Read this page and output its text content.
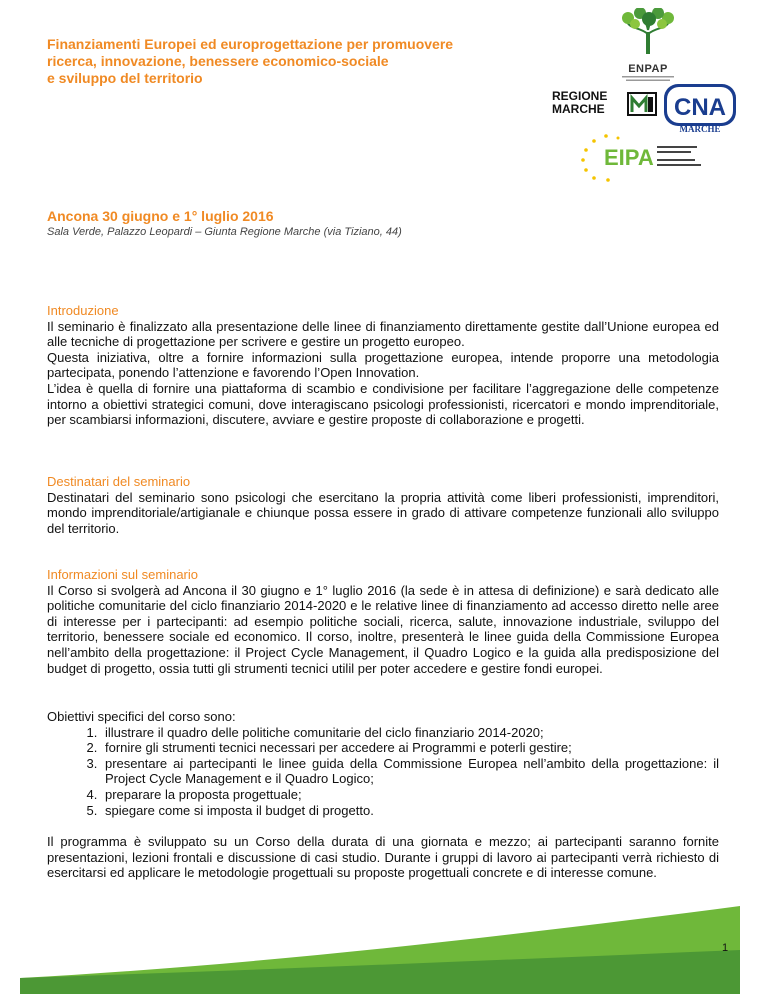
Finanziamenti Europei ed europrogettazione per promuovere
ricerca, innovazione, benessere economico-sociale
e sviluppo del territorio
ENPAP
REGIONE
MARCHE	CNA
MARCHE
EIPA
Ancona 30 giugno e 1° luglio 2016
Sala Verde, Palazzo Leopardi – Giunta Regione Marche (via Tiziano, 44)
Introduzione
Il seminario è finalizzato alla presentazione delle linee di finanziamento direttamente gestite dall’Unione europea ed alle tecniche di progettazione per scrivere e gestire un progetto europeo.
Questa iniziativa, oltre a fornire informazioni sulla progettazione europea, intende proporre una metodologia partecipata, ponendo l’attenzione e favorendo l’Open Innovation.
L’idea è quella di fornire una piattaforma di scambio e condivisione per facilitare l’aggregazione delle competenze intorno a obiettivi strategici comuni, dove interagiscano psicologi professionisti, ricercatori e mondo imprenditoriale, per scambiarsi informazioni, discutere, avviare e gestire proposte di collaborazione e progetti.
Destinatari del seminario
Destinatari del seminario sono psicologi che esercitano la propria attività come liberi professionisti, imprenditori, mondo imprenditoriale/artigianale e chiunque possa essere in grado di attivare competenze funzionali allo sviluppo del territorio.
Informazioni sul seminario
Il Corso si svolgerà ad Ancona il 30 giugno e 1° luglio 2016 (la sede è in attesa di definizione) e sarà dedicato alle politiche comunitarie del ciclo finanziario 2014-2020 e le relative linee di finanziamento ad accesso diretto nelle aree di interesse per i partecipanti: ad esempio politiche sociali, ricerca, salute, innovazione industriale, sviluppo del territorio, benessere sociale ed economico. Il corso, inoltre, presenterà le linee guida della Commissione Europea nell’ambito della progettazione: il Project Cycle Management, il Quadro Logico e la guida alla predisposizione del budget di progetto, ossia tutti gli strumenti tecnici utilil per poter accedere e gestire fondi europei.
Obiettivi specifici del corso sono:
1. illustrare il quadro delle politiche comunitarie del ciclo finanziario 2014-2020;
2. fornire gli strumenti tecnici necessari per accedere ai Programmi e poterli gestire;
3. presentare ai partecipanti le linee guida della Commissione Europea nell’ambito della progettazione: il Project Cycle Management e il Quadro Logico;
4. preparare la proposta progettuale;
5. spiegare come si imposta il budget di progetto.
Il programma è sviluppato su un Corso della durata di una giornata e mezzo; ai partecipanti saranno fornite presentazioni, lezioni frontali e discussione di casi studio. Durante i gruppi di lavoro ai partecipanti verrà richiesto di esercitarsi ed applicare le metodologie progettuali su proposte progettuali concrete e di interesse comune.
1
